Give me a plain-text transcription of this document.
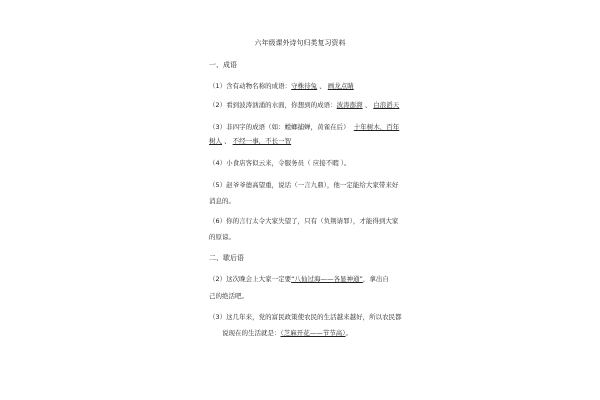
六年级课外诗句归类复习资料
一、成语
（1）含有动物名称的成语：守株待兔 、 画龙点睛
（2）看到波涛汹涌的水面，你想到的成语：波涛澎湃 、 白浪滔天
（3）非四字的成语（如：螳螂捕蝉，黄雀在后） 十年树木，百年
树人 、 不经一事，不长一智
（4）小食店客似云来，令服务员（ 应接不暇 ）。
（5）赵爷爷德高望重，说话（一言九鼎），他一定能给大家带来好
消息的。
（6）你的言行太令大家失望了，只有（负荆请罪），才能得到大家
的原谅。
二、歇后语
（2）这次晚会上大家一定要“八仙过海——各显神通”，拿出自
己的绝活吧。
（3）这几年来，党的富民政策使农民的生活越来越好，所以农民都
说现在的生活就是：（芝麻开花——节节高）。
